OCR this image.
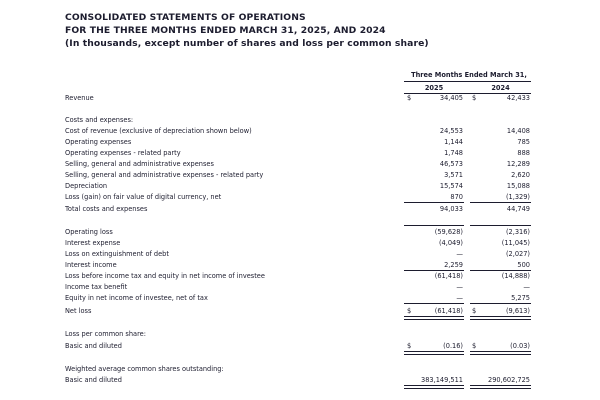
CONSOLIDATED STATEMENTS OF OPERATIONS
FOR THE THREE MONTHS ENDED MARCH 31, 2025, AND 2024
(In thousands, except number of shares and loss per common share)
Three Months Ended March 31,
2025	2024
Revenue	$	34,405 $	42,433
Costs and expenses:
Cost of revenue (exclusive of depreciation shown below)	24,553	14,408
Operating expenses	1,144	785
Operating expenses - related party	1,748	888
Selling, general and administrative expenses	46,573	12,289
Selling, general and administrative expenses - related party	3,571	2,620
Depreciation	15,574	15,088
Loss (gain) on fair value of digital currency, net	870	(1,329)
Total costs and expenses	94,033	44,749
Operating loss	(59,628)	(2,316)
Interest expense	(4,049)	(11,045)
Loss on extinguishment of debt	—	(2,027)
Interest income	2,259	500
Loss before income tax and equity in net income of investee	(61,418)	(14,888)
Income tax benefit	—	—
Equity in net income of investee, net of tax	—	5,275
Net loss	$	(61,418) $	(9,613)
Loss per common share:
Basic and diluted	$	(0.16) $	(0.03)
Weighted average common shares outstanding:
Basic and diluted	383,149,511	290,602,725
